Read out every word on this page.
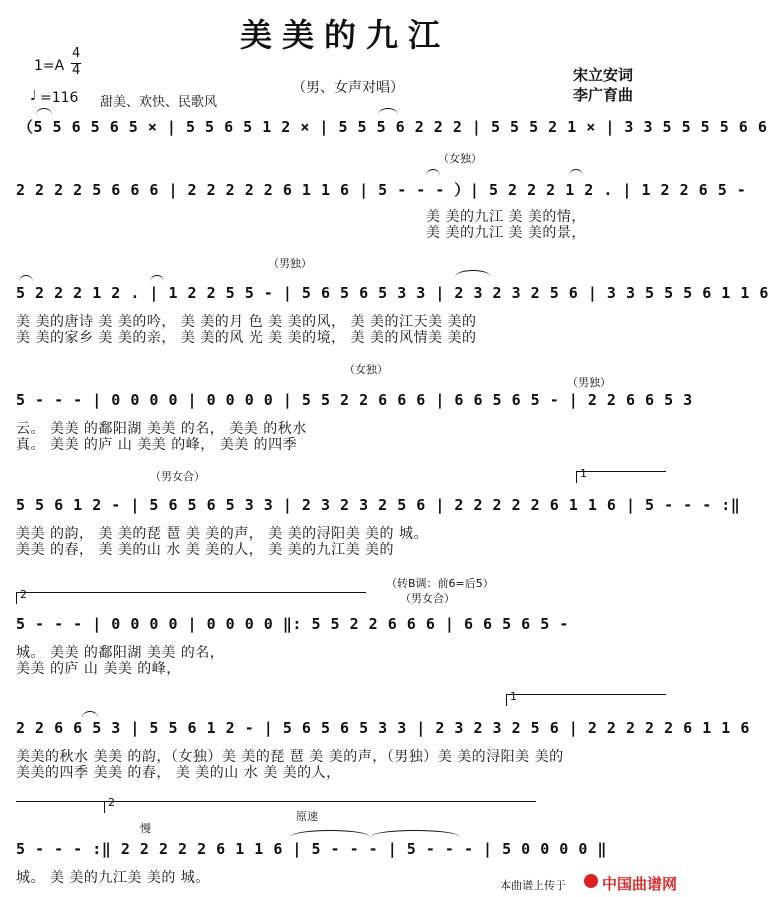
美美的九江
1=A
4
4
♩ =116 甜美、欢快、民歌风
（男、女声对唱）
宋立安词
李广育曲
（5 5 6 5 6 5 × | 5 5 6 5 1 2 × | 5 5 5 6 2 2 2 | 5 5 5 2 1 × | 3 3 5 5 5 5 6 6
2 2 2 2 5 6 6 6 | 2 2 2 2 2 6 1 1 6 | 5 - - - ）| 5 2 2 2 1 2 . | 1 2 2 6 5 -
（女独）
美 美的九江 美 美的情，
美 美的九江 美 美的景，
5 2 2 2 1 2 . | 1 2 2 5 5 - | 5 6 5 6 5 3 3 | 2 3 2 3 2 5 6 | 3 3 5 5 5 6 1 1 6
（男独）
美 美的唐诗 美 美的吟， 美 美的月 色 美 美的风， 美 美的江天美 美的
美 美的家乡 美 美的亲， 美 美的风 光 美 美的境， 美 美的风情美 美的
5 - - - | 0 0 0 0 | 0 0 0 0 | 5 5 2 2 6 6 6 | 6 6 5 6 5 - | 2 2 6 6 5 3
（女独）
（男独）
云。 美美 的鄱阳湖 美美 的名， 美美 的秋水
真。 美美 的庐 山 美美 的峰， 美美 的四季
（男女合）	1
5 5 6 1 2 - | 5 6 5 6 5 3 3 | 2 3 2 3 2 5 6 | 2 2 2 2 2 6 1 1 6 | 5 - - - :‖
美美 的韵， 美 美的琵 琶 美 美的声， 美 美的浔阳美 美的 城。
美美 的春， 美 美的山 水 美 美的人， 美 美的九江美 美的
2
（转B调：前6=后5）
（男女合）
5 - - - | 0 0 0 0 | 0 0 0 0 ‖: 5 5 2 2 6 6 6 | 6 6 5 6 5 -
城。 美美 的鄱阳湖 美美 的名，
美美 的庐 山 美美 的峰，
1
2 2 6 6 5 3 | 5 5 6 1 2 - | 5 6 5 6 5 3 3 | 2 3 2 3 2 5 6 | 2 2 2 2 2 6 1 1 6
美美的秋水 美美 的韵，（女独）美 美的琵 琶 美 美的声，（男独）美 美的浔阳美 美的
美美的四季 美美 的春， 美 美的山 水 美 美的人，
2
慢
原速
5 - - - :‖ 2 2 2 2 2 6 1 1 6 | 5 - - - | 5 - - - | 5 0 0 0 0 ‖
城。 美 美的九江美 美的 城。	本曲谱上传于 中国曲谱网
